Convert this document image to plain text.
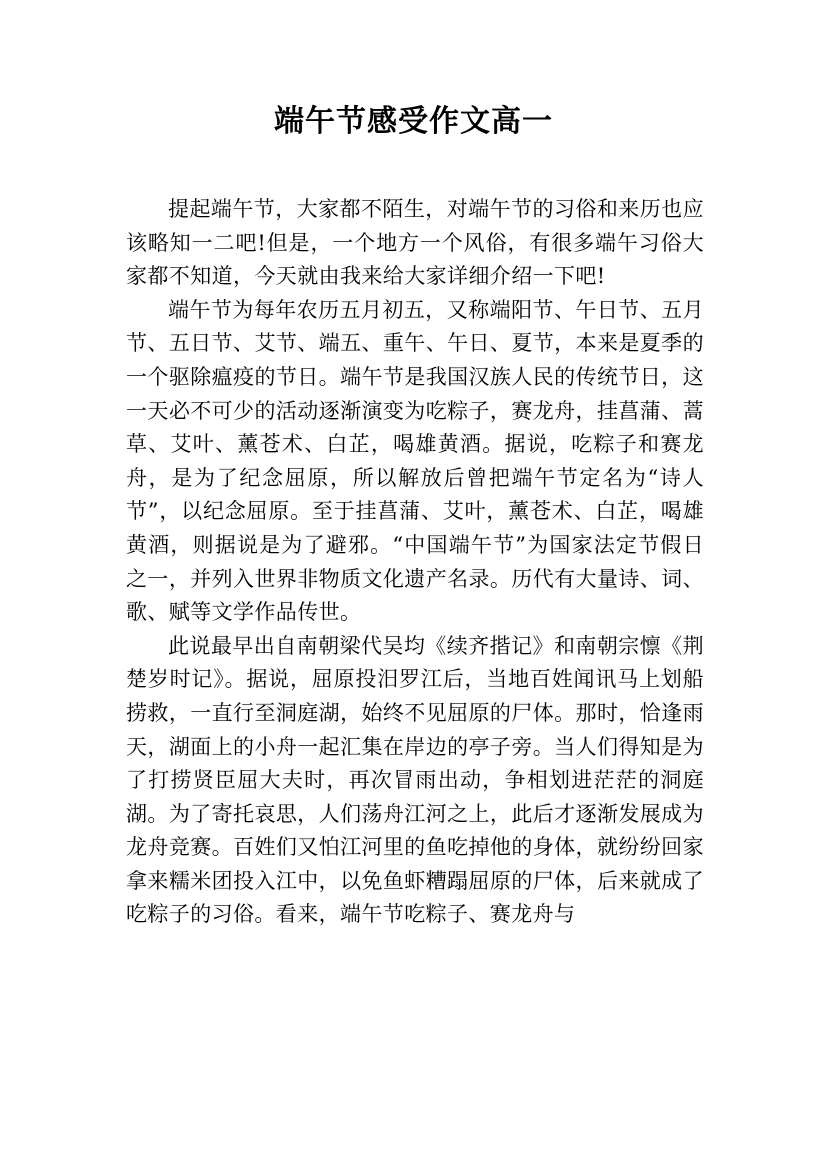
端午节感受作文高一

提起端午节，大家都不陌生，对端午节的习俗和来历也应该略知一二吧!但是，一个地方一个风俗，有很多端午习俗大家都不知道，今天就由我来给大家详细介绍一下吧!

端午节为每年农历五月初五，又称端阳节、午日节、五月节、五日节、艾节、端五、重午、午日、夏节，本来是夏季的一个驱除瘟疫的节日。端午节是我国汉族人民的传统节日，这一天必不可少的活动逐渐演变为吃粽子，赛龙舟，挂菖蒲、蒿草、艾叶、薰苍术、白芷，喝雄黄酒。据说，吃粽子和赛龙舟，是为了纪念屈原，所以解放后曾把端午节定名为“诗人节”，以纪念屈原。至于挂菖蒲、艾叶，薰苍术、白芷，喝雄黄酒，则据说是为了避邪。“中国端午节”为国家法定节假日之一，并列入世界非物质文化遗产名录。历代有大量诗、词、歌、赋等文学作品传世。

此说最早出自南朝梁代吴均《续齐揩记》和南朝宗懔《荆楚岁时记》。据说，屈原投汨罗江后，当地百姓闻讯马上划船捞救，一直行至洞庭湖，始终不见屈原的尸体。那时，恰逢雨天，湖面上的小舟一起汇集在岸边的亭子旁。当人们得知是为了打捞贤臣屈大夫时，再次冒雨出动，争相划进茫茫的洞庭湖。为了寄托哀思，人们荡舟江河之上，此后才逐渐发展成为龙舟竞赛。百姓们又怕江河里的鱼吃掉他的身体，就纷纷回家拿来糯米团投入江中，以免鱼虾糟蹋屈原的尸体，后来就成了吃粽子的习俗。看来，端午节吃粽子、赛龙舟与
